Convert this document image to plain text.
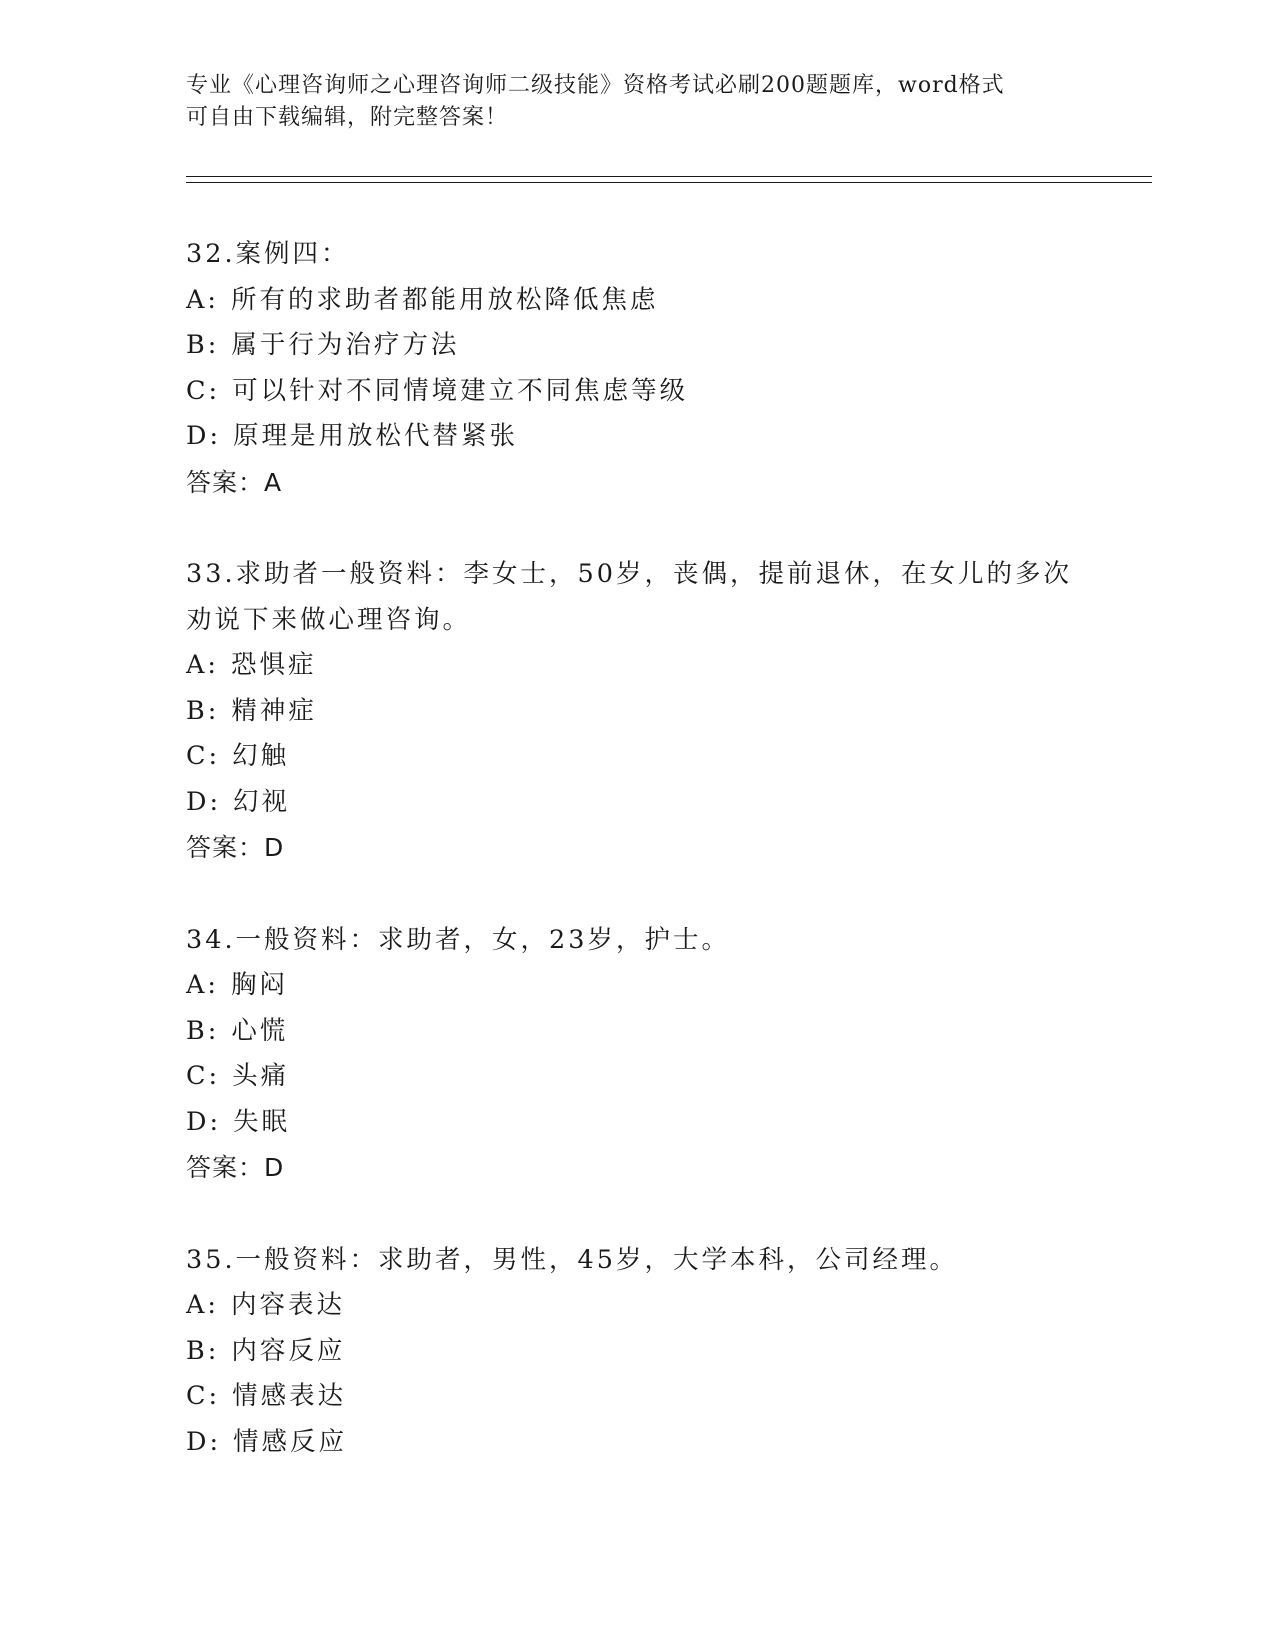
专业《心理咨询师之心理咨询师二级技能》资格考试必刷200题题库，word格式
可自由下载编辑，附完整答案！
32.案例四：
A: 所有的求助者都能用放松降低焦虑
B: 属于行为治疗方法
C: 可以针对不同情境建立不同焦虑等级
D: 原理是用放松代替紧张
答案：A
33.求助者一般资料：李女士，50岁，丧偶，提前退休，在女儿的多次
劝说下来做心理咨询。
A: 恐惧症
B: 精神症
C: 幻触
D: 幻视
答案：D
34.一般资料：求助者，女，23岁，护士。
A: 胸闷
B: 心慌
C: 头痛
D: 失眠
答案：D
35.一般资料：求助者，男性，45岁，大学本科，公司经理。
A: 内容表达
B: 内容反应
C: 情感表达
D: 情感反应
